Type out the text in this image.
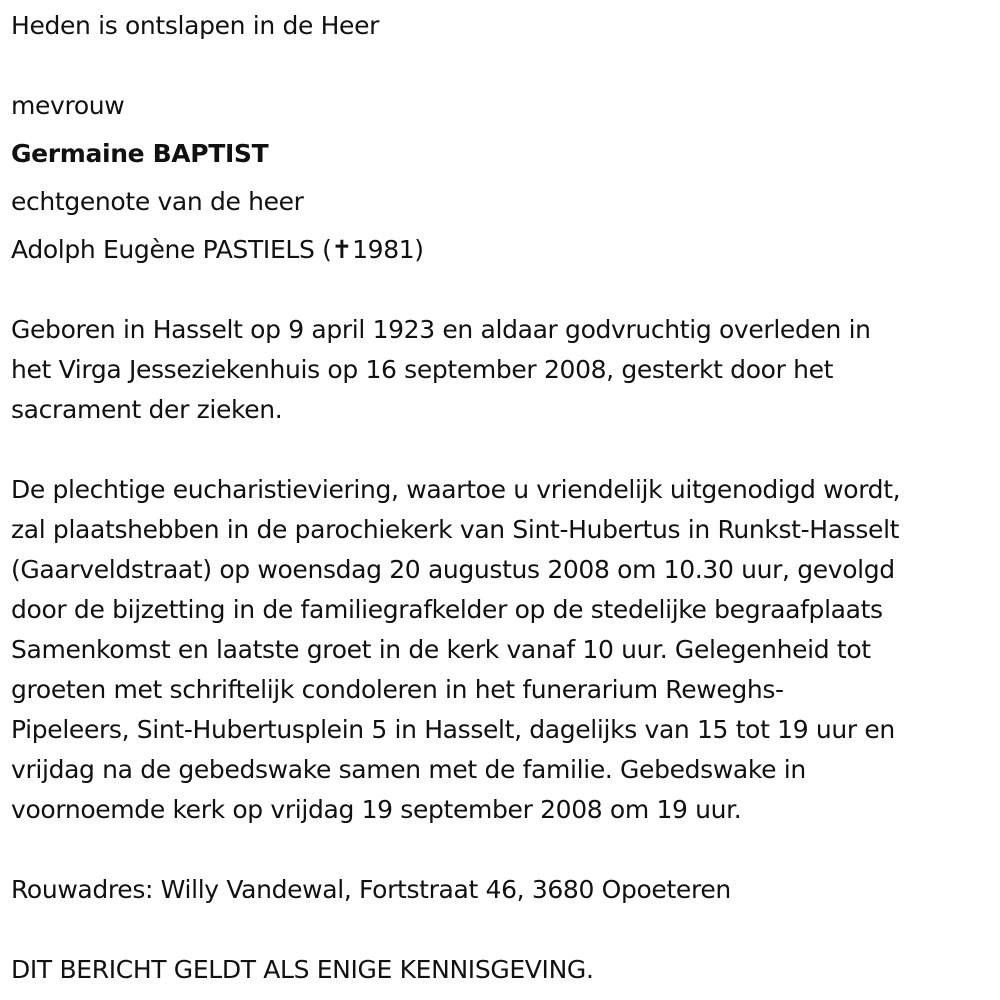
Heden is ontslapen in de Heer
mevrouw
Germaine BAPTIST
echtgenote van de heer
Adolph Eugène PASTIELS (✝1981)
Geboren in Hasselt op 9 april 1923 en aldaar godvruchtig overleden in
het Virga Jesseziekenhuis op 16 september 2008, gesterkt door het
sacrament der zieken.
De plechtige eucharistieviering, waartoe u vriendelijk uitgenodigd wordt,
zal plaatshebben in de parochiekerk van Sint-Hubertus in Runkst-Hasselt
(Gaarveldstraat) op woensdag 20 augustus 2008 om 10.30 uur, gevolgd
door de bijzetting in de familiegrafkelder op de stedelijke begraafplaats
Samenkomst en laatste groet in de kerk vanaf 10 uur. Gelegenheid tot
groeten met schriftelijk condoleren in het funerarium Reweghs-
Pipeleers, Sint-Hubertusplein 5 in Hasselt, dagelijks van 15 tot 19 uur en
vrijdag na de gebedswake samen met de familie. Gebedswake in
voornoemde kerk op vrijdag 19 september 2008 om 19 uur.
Rouwadres: Willy Vandewal, Fortstraat 46, 3680 Opoeteren
DIT BERICHT GELDT ALS ENIGE KENNISGEVING.
